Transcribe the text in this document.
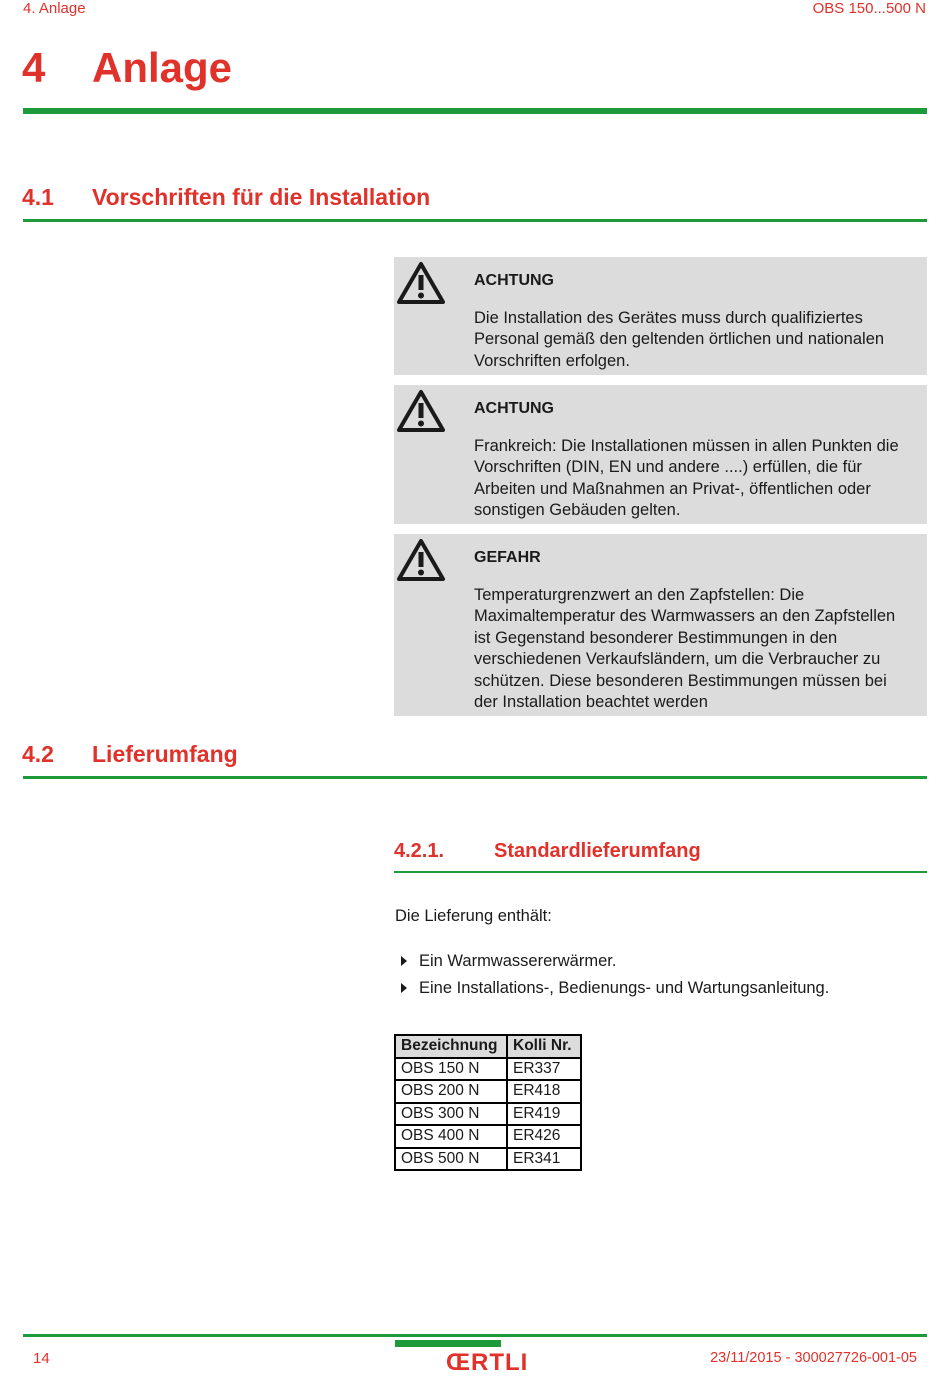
4. Anlage	OBS 150...500 N
4 Anlage
4.1 Vorschriften für die Installation
ACHTUNG
Die Installation des Gerätes muss durch qualifiziertes
Personal gemäß den geltenden örtlichen und nationalen
Vorschriften erfolgen.
ACHTUNG
Frankreich: Die Installationen müssen in allen Punkten die
Vorschriften (DIN, EN und andere ....) erfüllen, die für
Arbeiten und Maßnahmen an Privat-, öffentlichen oder
sonstigen Gebäuden gelten.
GEFAHR
Temperaturgrenzwert an den Zapfstellen: Die
Maximaltemperatur des Warmwassers an den Zapfstellen
ist Gegenstand besonderer Bestimmungen in den
verschiedenen Verkaufsländern, um die Verbraucher zu
schützen. Diese besonderen Bestimmungen müssen bei
der Installation beachtet werden
4.2 Lieferumfang
4.2.1. Standardlieferumfang
Die Lieferung enthält:
Ein Warmwassererwärmer.
Eine Installations-, Bedienungs- und Wartungsanleitung.
Bezeichnung	Kolli Nr.
OBS 150 N	ER337
OBS 200 N	ER418
OBS 300 N	ER419
OBS 400 N	ER426
OBS 500 N	ER341
14	ŒRTLI	23/11/2015 - 300027726-001-05
